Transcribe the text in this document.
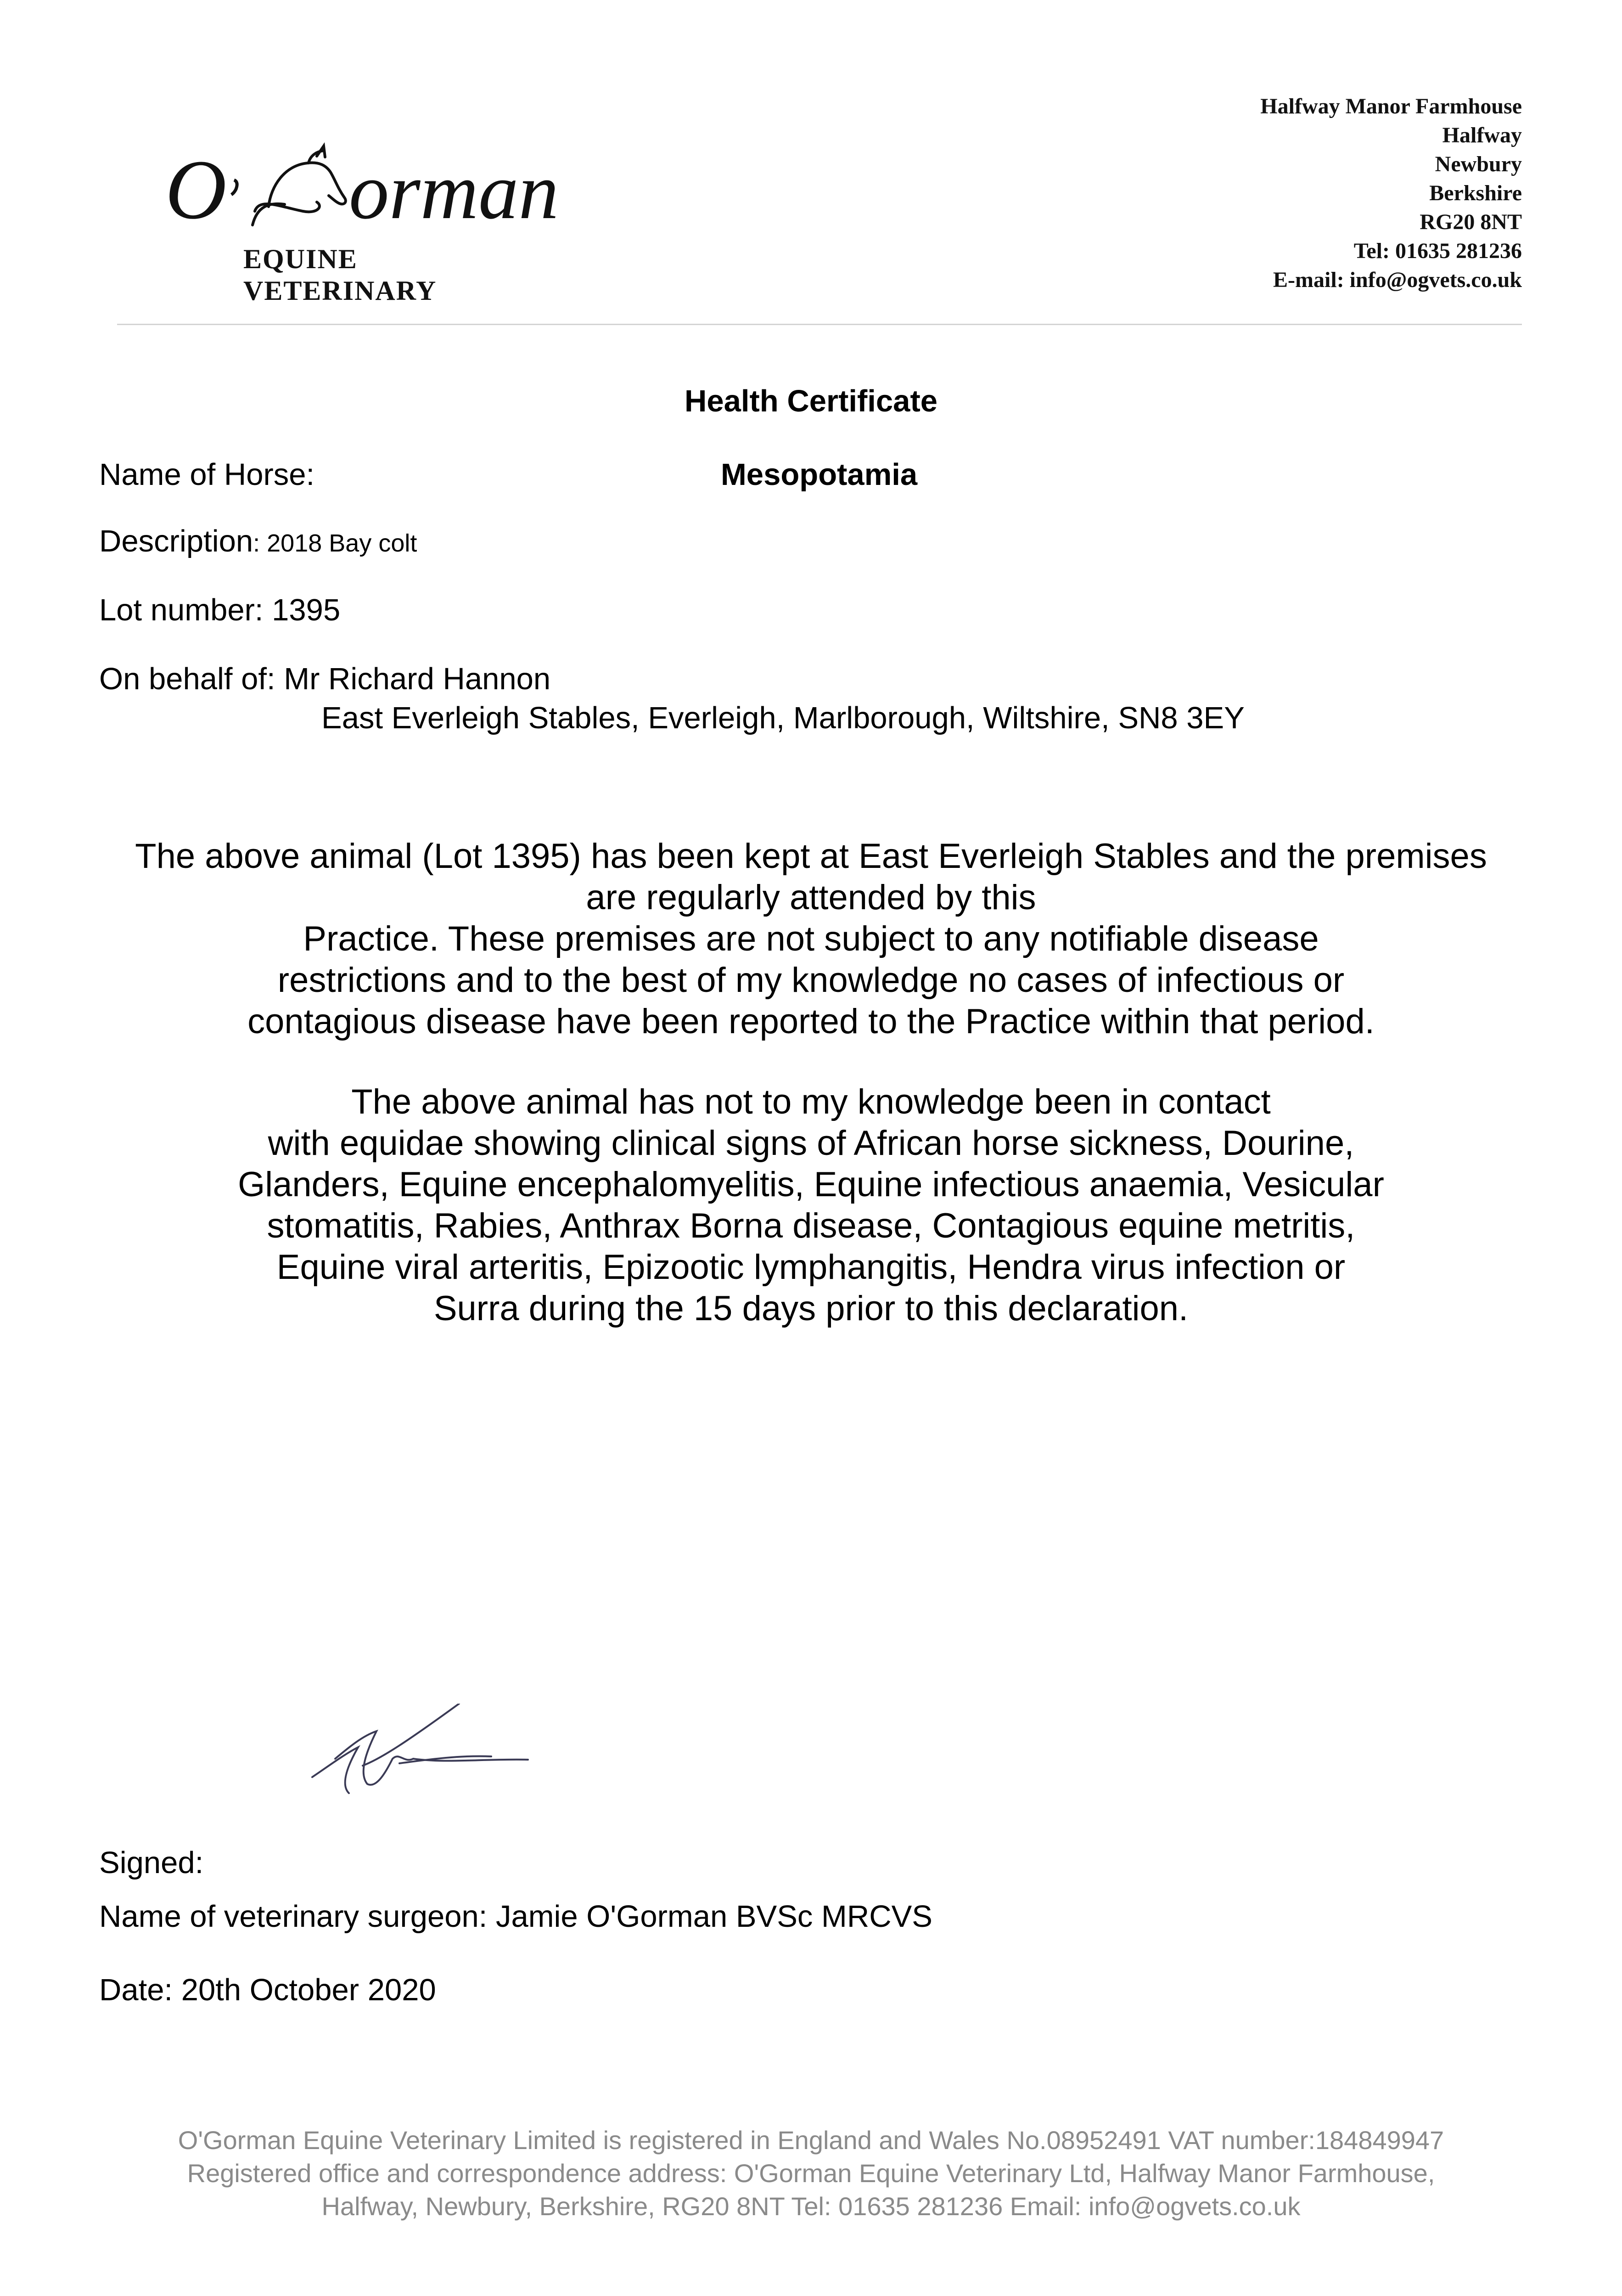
O orman
EQUINE VETERINARY
Halfway Manor Farmhouse
Halfway
Newbury
Berkshire
RG20 8NT
Tel: 01635 281236
E-mail: info@ogvets.co.uk
Health Certificate
Name of Horse:	Mesopotamia
Description: 2018 Bay colt
Lot number: 1395
On behalf of: Mr Richard Hannon
East Everleigh Stables, Everleigh, Marlborough, Wiltshire, SN8 3EY
The above animal (Lot 1395) has been kept at East Everleigh Stables and the premises
are regularly attended by this
Practice. These premises are not subject to any notifiable disease
restrictions and to the best of my knowledge no cases of infectious or
contagious disease have been reported to the Practice within that period.
The above animal has not to my knowledge been in contact
with equidae showing clinical signs of African horse sickness, Dourine,
Glanders, Equine encephalomyelitis, Equine infectious anaemia, Vesicular
stomatitis, Rabies, Anthrax Borna disease, Contagious equine metritis,
Equine viral arteritis, Epizootic lymphangitis, Hendra virus infection or
Surra during the 15 days prior to this declaration.
Signed:
Name of veterinary surgeon: Jamie O'Gorman BVSc MRCVS
Date: 20th October 2020
O'Gorman Equine Veterinary Limited is registered in England and Wales No.08952491 VAT number:184849947
Registered office and correspondence address: O'Gorman Equine Veterinary Ltd, Halfway Manor Farmhouse,
Halfway, Newbury, Berkshire, RG20 8NT Tel: 01635 281236 Email: info@ogvets.co.uk
